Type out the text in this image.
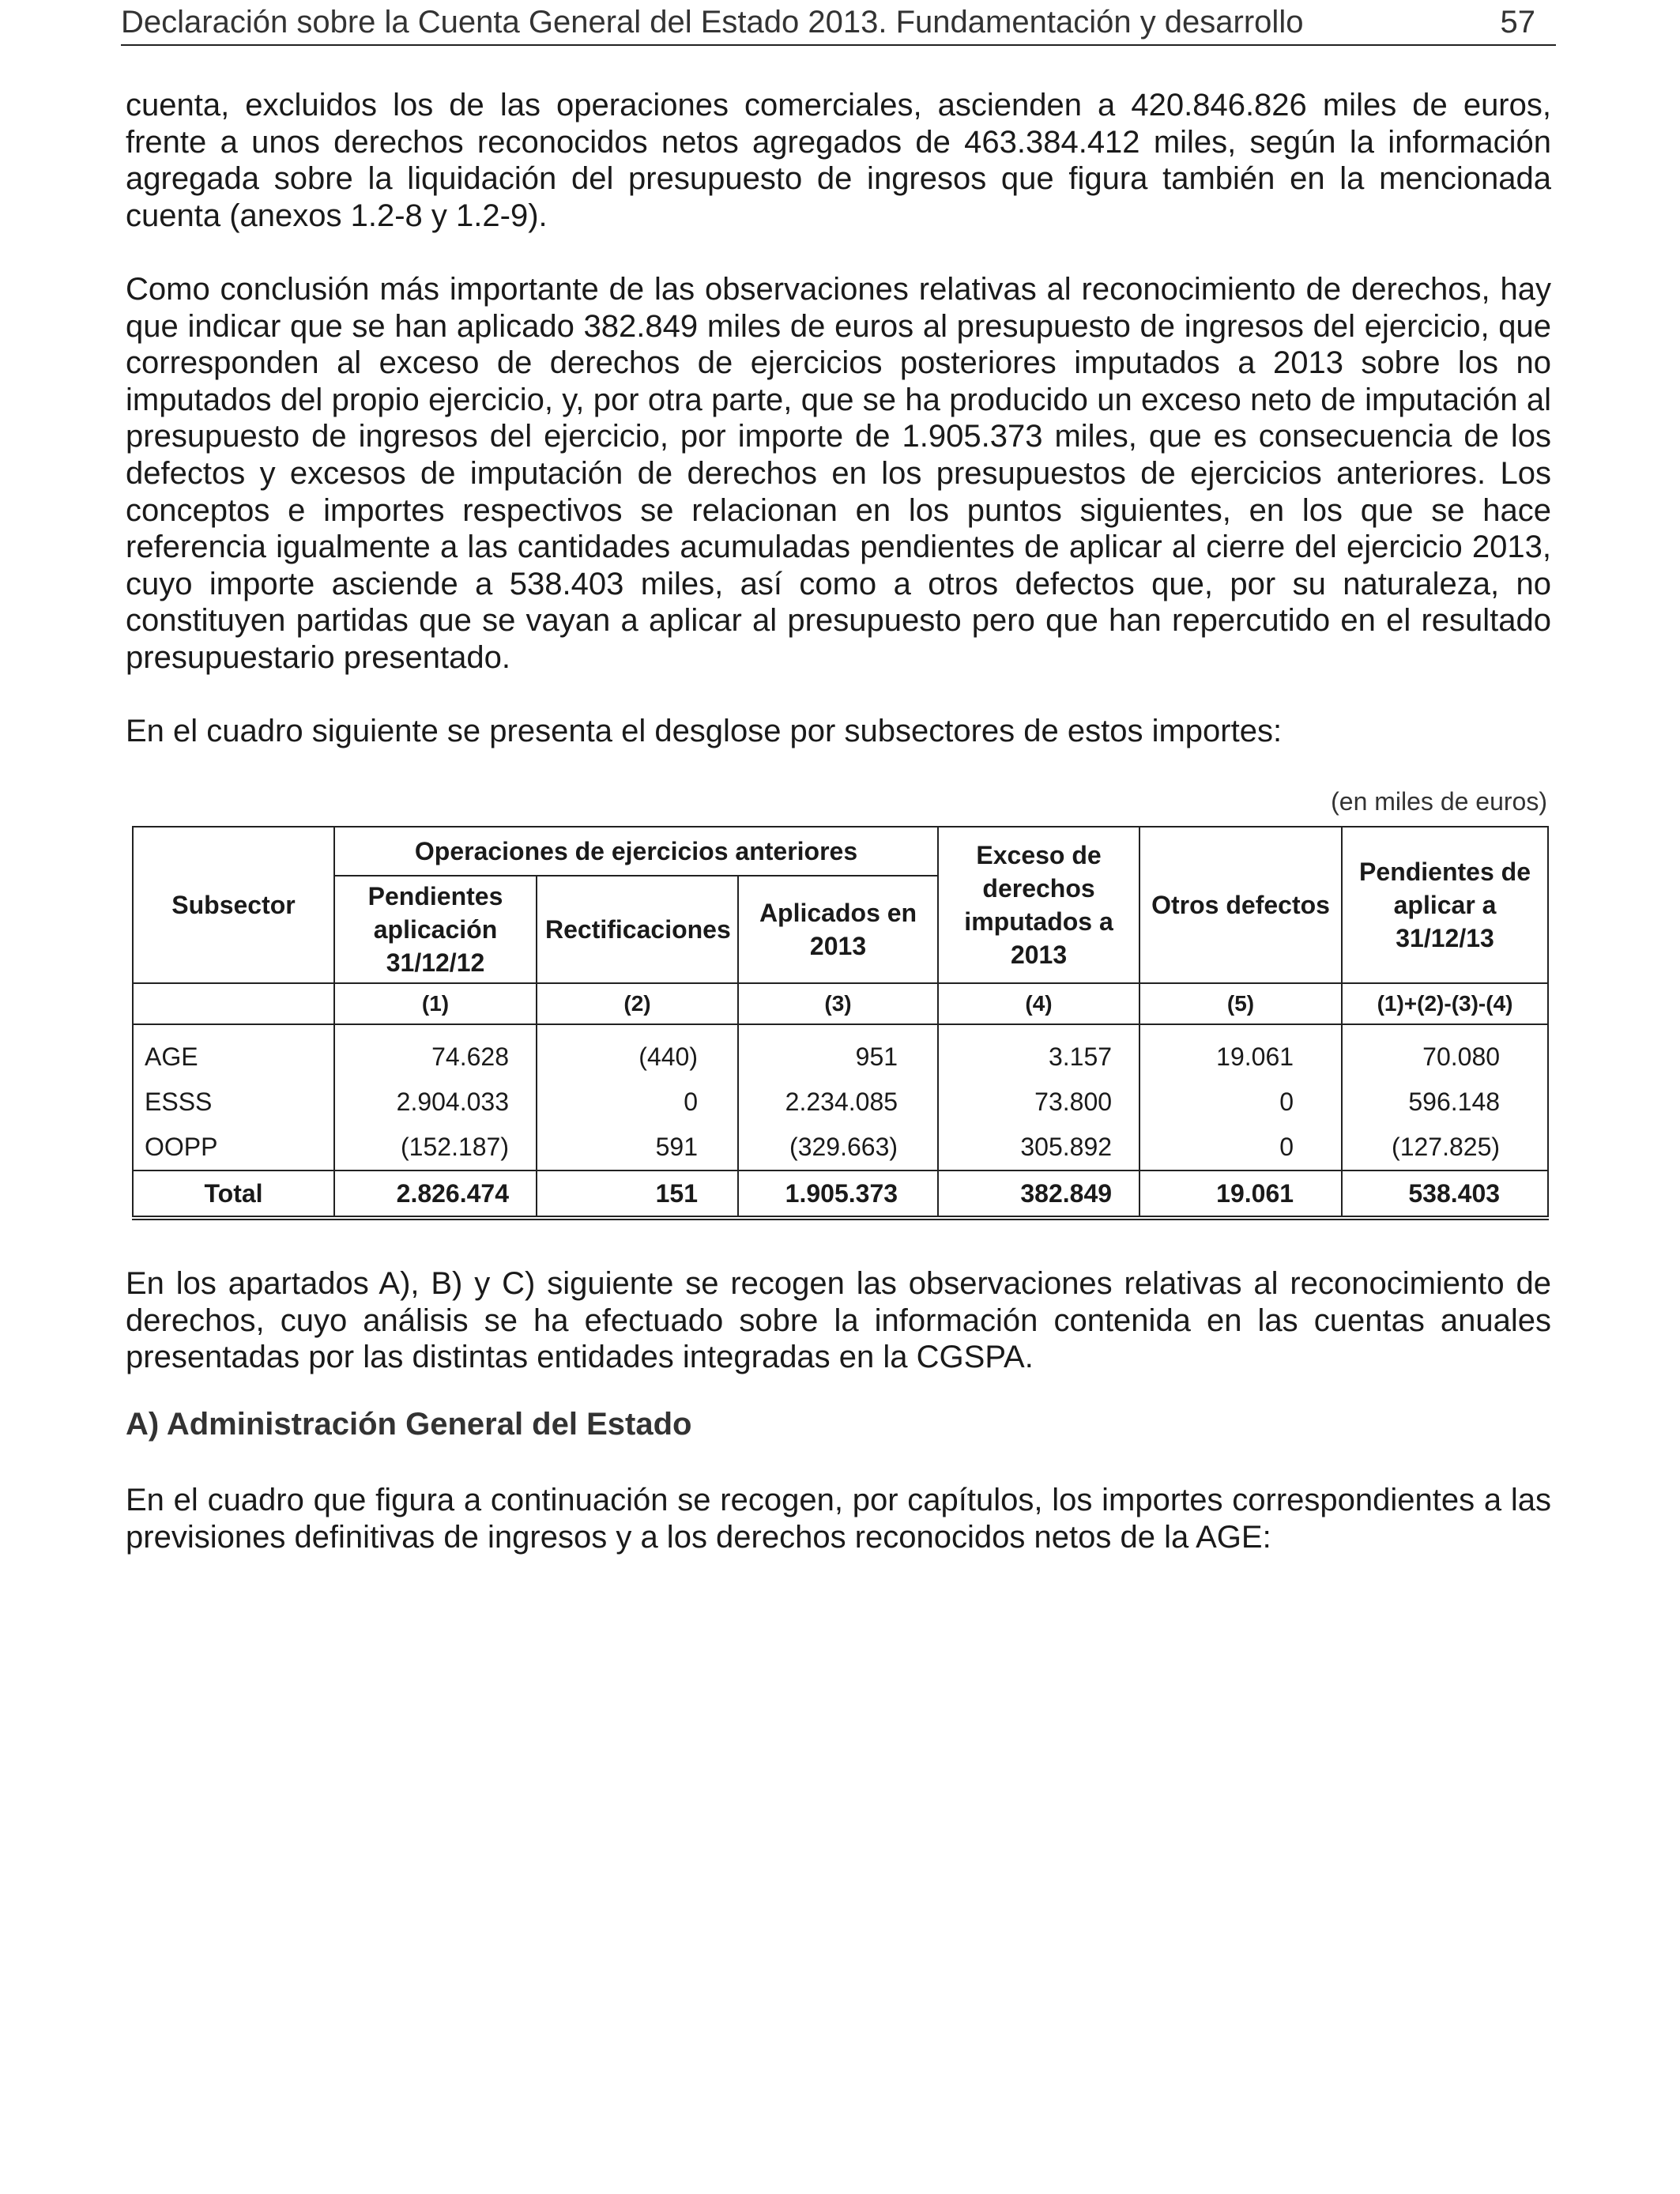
Declaración sobre la Cuenta General del Estado 2013. Fundamentación y desarrollo	57

cuenta, excluidos los de las operaciones comerciales, ascienden a 420.846.826 miles de euros, frente a unos derechos reconocidos netos agregados de 463.384.412 miles, según la información agregada sobre la liquidación del presupuesto de ingresos que figura también en la mencionada cuenta (anexos 1.2-8 y 1.2-9).

Como conclusión más importante de las observaciones relativas al reconocimiento de derechos, hay que indicar que se han aplicado 382.849 miles de euros al presupuesto de ingresos del ejercicio, que corresponden al exceso de derechos de ejercicios posteriores imputados a 2013 sobre los no imputados del propio ejercicio, y, por otra parte, que se ha producido un exceso neto de imputación al presupuesto de ingresos del ejercicio, por importe de 1.905.373 miles, que es consecuencia de los defectos y excesos de imputación de derechos en los presupuestos de ejercicios anteriores. Los conceptos e importes respectivos se relacionan en los puntos siguientes, en los que se hace referencia igualmente a las cantidades acumuladas pendientes de aplicar al cierre del ejercicio 2013, cuyo importe asciende a 538.403 miles, así como a otros defectos que, por su naturaleza, no constituyen partidas que se vayan a aplicar al presupuesto pero que han repercutido en el resultado presupuestario presentado.

En el cuadro siguiente se presenta el desglose por subsectores de estos importes:

(en miles de euros)
Subsector	Operaciones de ejercicios anteriores			Exceso de derechos imputados a 2013	Otros defectos	Pendientes de aplicar a 31/12/13
	Pendientes aplicación 31/12/12	Rectificaciones	Aplicados en 2013			
	(1)	(2)	(3)	(4)	(5)	(1)+(2)-(3)-(4)

AGE	74.628	(440)	951	3.157	19.061	70.080
ESSS	2.904.033	0	2.234.085	73.800	0	596.148
OOPP	(152.187)	591	(329.663)	305.892	0	(127.825)
Total	2.826.474	151	1.905.373	382.849	19.061	538.403

En los apartados A), B) y C) siguiente se recogen las observaciones relativas al reconocimiento de derechos, cuyo análisis se ha efectuado sobre la información contenida en las cuentas anuales presentadas por las distintas entidades integradas en la CGSPA.

A) Administración General del Estado

En el cuadro que figura a continuación se recogen, por capítulos, los importes correspondientes a las previsiones definitivas de ingresos y a los derechos reconocidos netos de la AGE:
